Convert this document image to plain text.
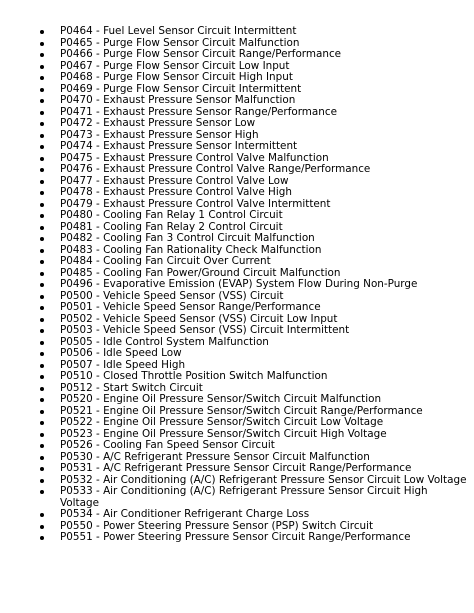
P0464 - Fuel Level Sensor Circuit Intermittent
P0465 - Purge Flow Sensor Circuit Malfunction
P0466 - Purge Flow Sensor Circuit Range/Performance
P0467 - Purge Flow Sensor Circuit Low Input
P0468 - Purge Flow Sensor Circuit High Input
P0469 - Purge Flow Sensor Circuit Intermittent
P0470 - Exhaust Pressure Sensor Malfunction
P0471 - Exhaust Pressure Sensor Range/Performance
P0472 - Exhaust Pressure Sensor Low
P0473 - Exhaust Pressure Sensor High
P0474 - Exhaust Pressure Sensor Intermittent
P0475 - Exhaust Pressure Control Valve Malfunction
P0476 - Exhaust Pressure Control Valve Range/Performance
P0477 - Exhaust Pressure Control Valve Low
P0478 - Exhaust Pressure Control Valve High
P0479 - Exhaust Pressure Control Valve Intermittent
P0480 - Cooling Fan Relay 1 Control Circuit
P0481 - Cooling Fan Relay 2 Control Circuit
P0482 - Cooling Fan 3 Control Circuit Malfunction
P0483 - Cooling Fan Rationality Check Malfunction
P0484 - Cooling Fan Circuit Over Current
P0485 - Cooling Fan Power/Ground Circuit Malfunction
P0496 - Evaporative Emission (EVAP) System Flow During Non-Purge
P0500 - Vehicle Speed Sensor (VSS) Circuit
P0501 - Vehicle Speed Sensor Range/Performance
P0502 - Vehicle Speed Sensor (VSS) Circuit Low Input
P0503 - Vehicle Speed Sensor (VSS) Circuit Intermittent
P0505 - Idle Control System Malfunction
P0506 - Idle Speed Low
P0507 - Idle Speed High
P0510 - Closed Throttle Position Switch Malfunction
P0512 - Start Switch Circuit
P0520 - Engine Oil Pressure Sensor/Switch Circuit Malfunction
P0521 - Engine Oil Pressure Sensor/Switch Circuit Range/Performance
P0522 - Engine Oil Pressure Sensor/Switch Circuit Low Voltage
P0523 - Engine Oil Pressure Sensor/Switch Circuit High Voltage
P0526 - Cooling Fan Speed Sensor Circuit
P0530 - A/C Refrigerant Pressure Sensor Circuit Malfunction
P0531 - A/C Refrigerant Pressure Sensor Circuit Range/Performance
P0532 - Air Conditioning (A/C) Refrigerant Pressure Sensor Circuit Low Voltage
P0533 - Air Conditioning (A/C) Refrigerant Pressure Sensor Circuit High Voltage
P0534 - Air Conditioner Refrigerant Charge Loss
P0550 - Power Steering Pressure Sensor (PSP) Switch Circuit
P0551 - Power Steering Pressure Sensor Circuit Range/Performance
